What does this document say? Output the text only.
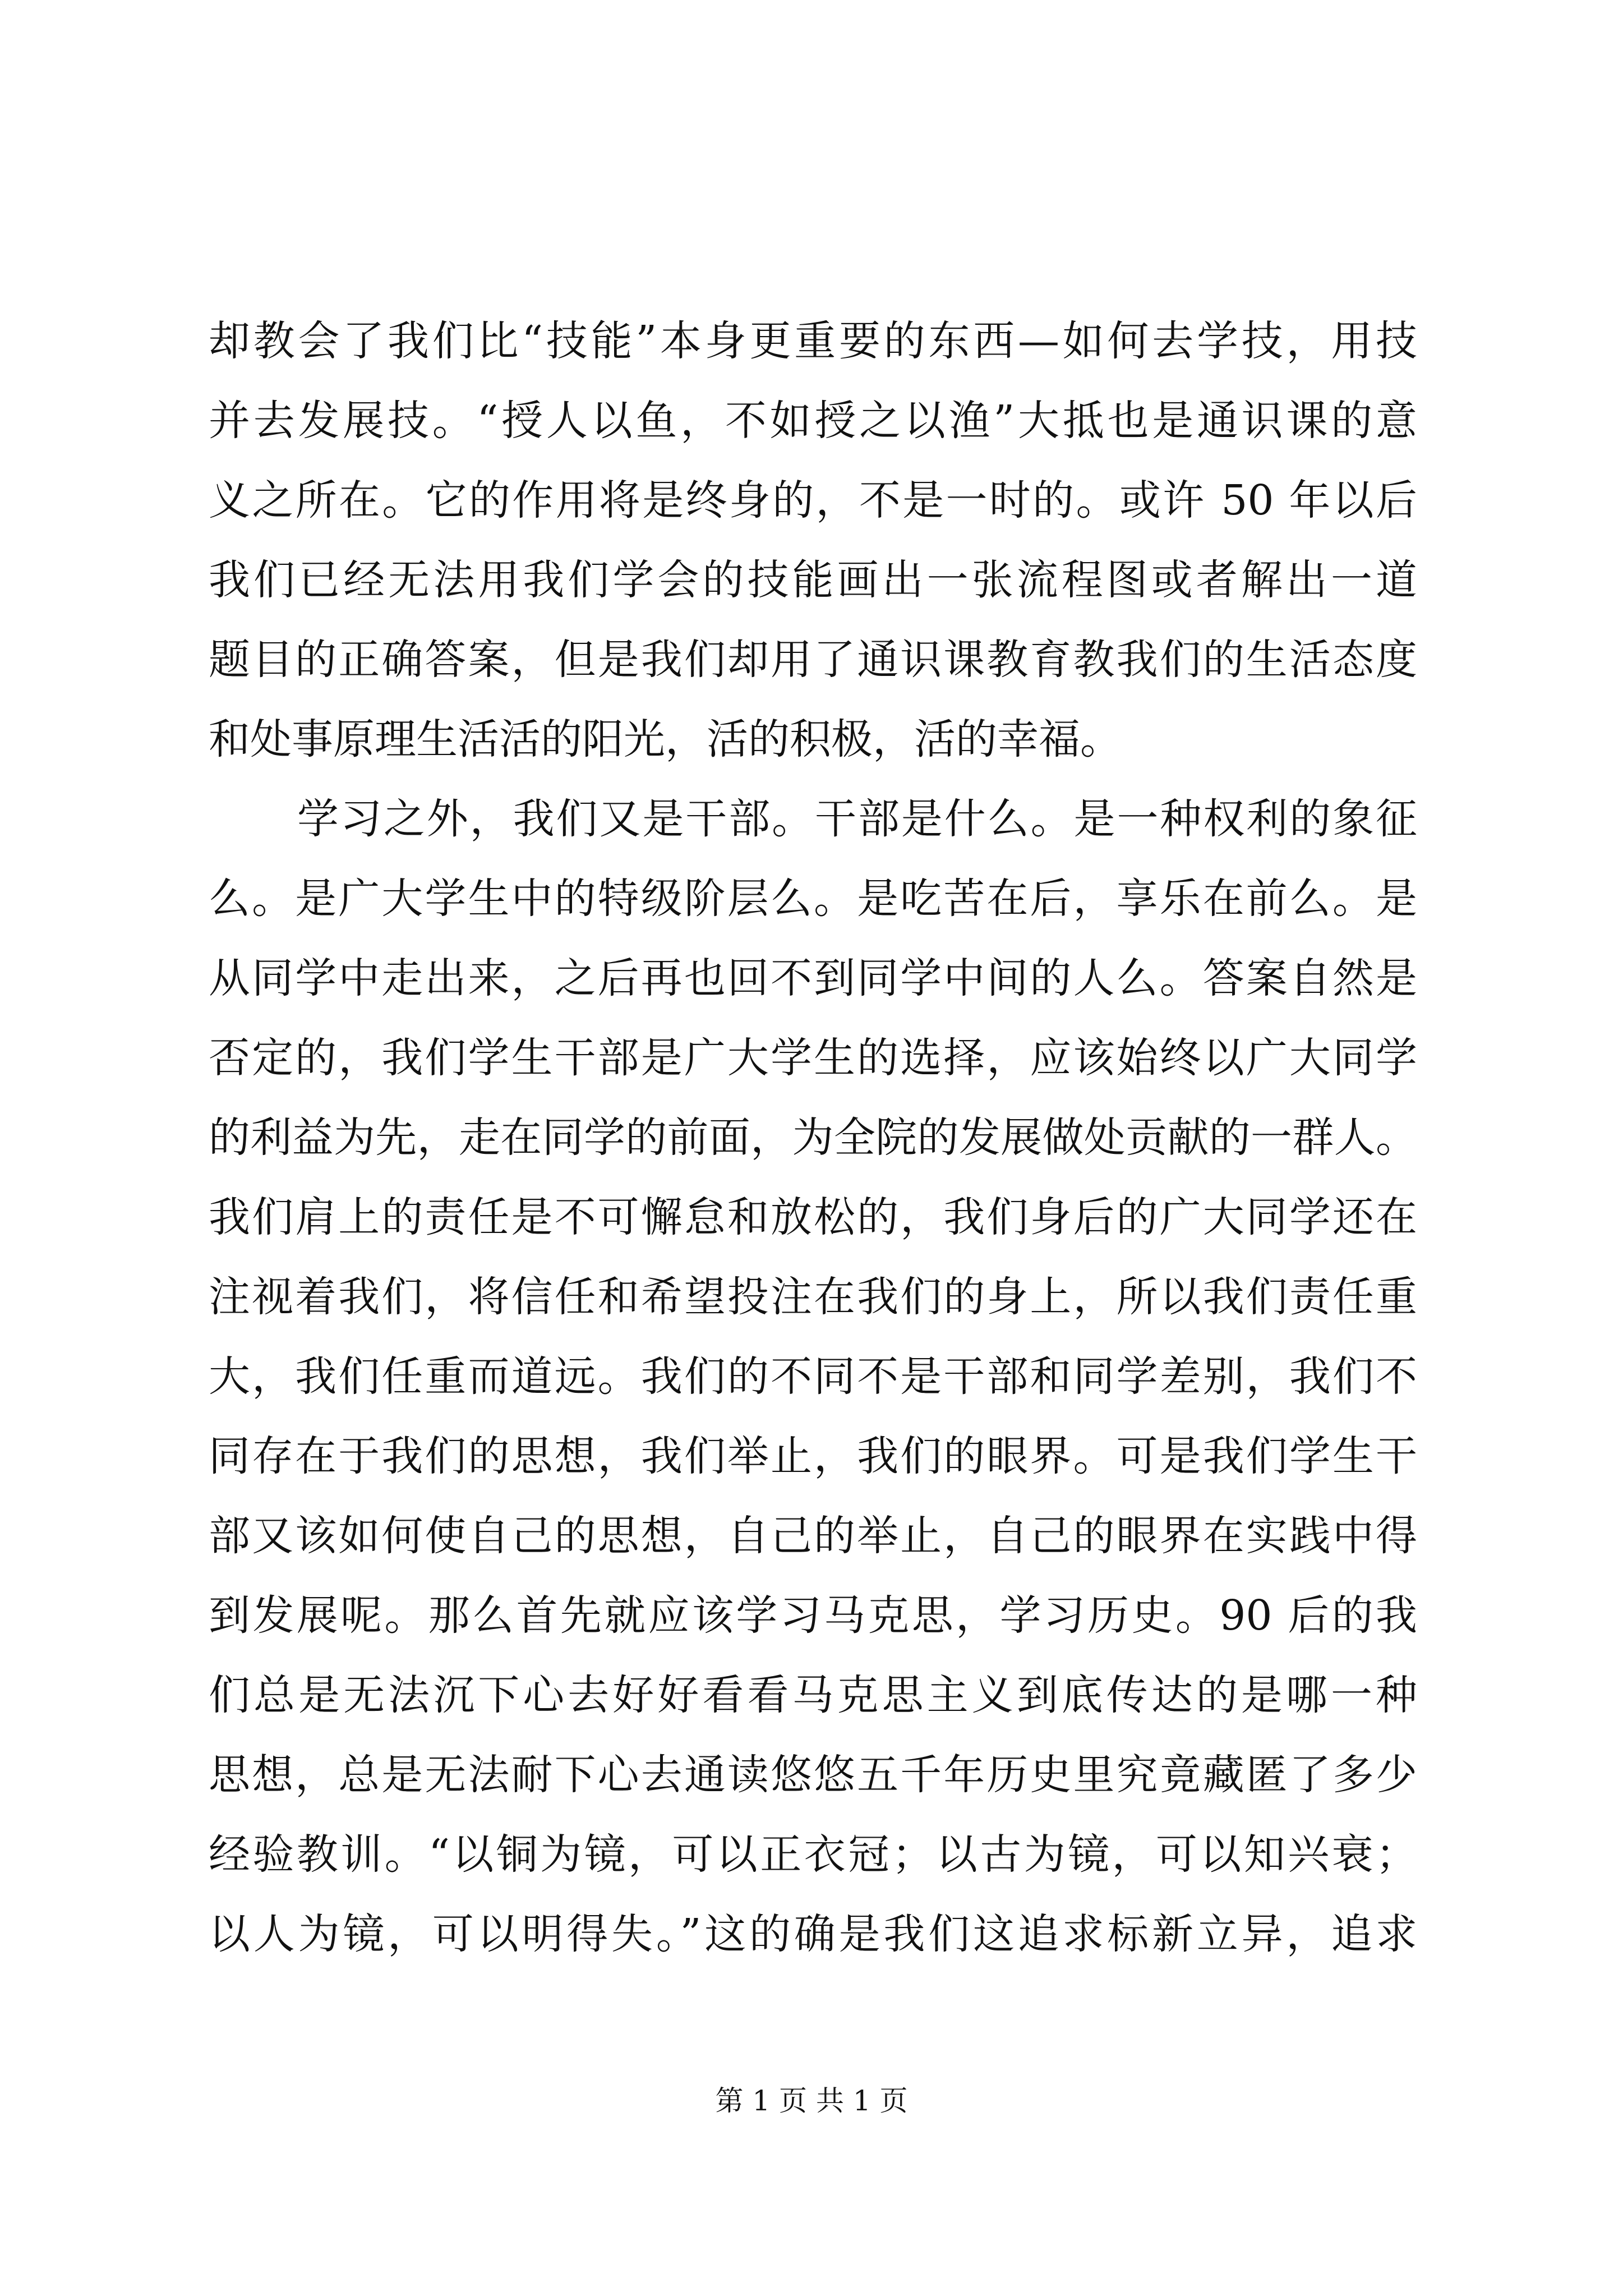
却教会了我们比“技能”本身更重要的东西—如何去学技，用技
并去发展技。“授人以鱼，不如授之以渔”大抵也是通识课的意
义之所在。它的作用将是终身的，不是一时的。或许 50 年以后
我们已经无法用我们学会的技能画出一张流程图或者解出一道
题目的正确答案，但是我们却用了通识课教育教我们的生活态度
和处事原理生活活的阳光，活的积极，活的幸福。
学习之外，我们又是干部。干部是什么。是一种权利的象征
么。是广大学生中的特级阶层么。是吃苦在后，享乐在前么。是
从同学中走出来，之后再也回不到同学中间的人么。答案自然是
否定的，我们学生干部是广大学生的选择，应该始终以广大同学
的利益为先，走在同学的前面，为全院的发展做处贡献的一群人。
我们肩上的责任是不可懈怠和放松的，我们身后的广大同学还在
注视着我们，将信任和希望投注在我们的身上，所以我们责任重
大，我们任重而道远。我们的不同不是干部和同学差别，我们不
同存在于我们的思想，我们举止，我们的眼界。可是我们学生干
部又该如何使自己的思想，自己的举止，自己的眼界在实践中得
到发展呢。那么首先就应该学习马克思，学习历史。90 后的我
们总是无法沉下心去好好看看马克思主义到底传达的是哪一种
思想，总是无法耐下心去通读悠悠五千年历史里究竟藏匿了多少
经验教训。“以铜为镜，可以正衣冠；以古为镜，可以知兴衰；
以人为镜，可以明得失。”这的确是我们这追求标新立异，追求
第 1 页 共 1 页
